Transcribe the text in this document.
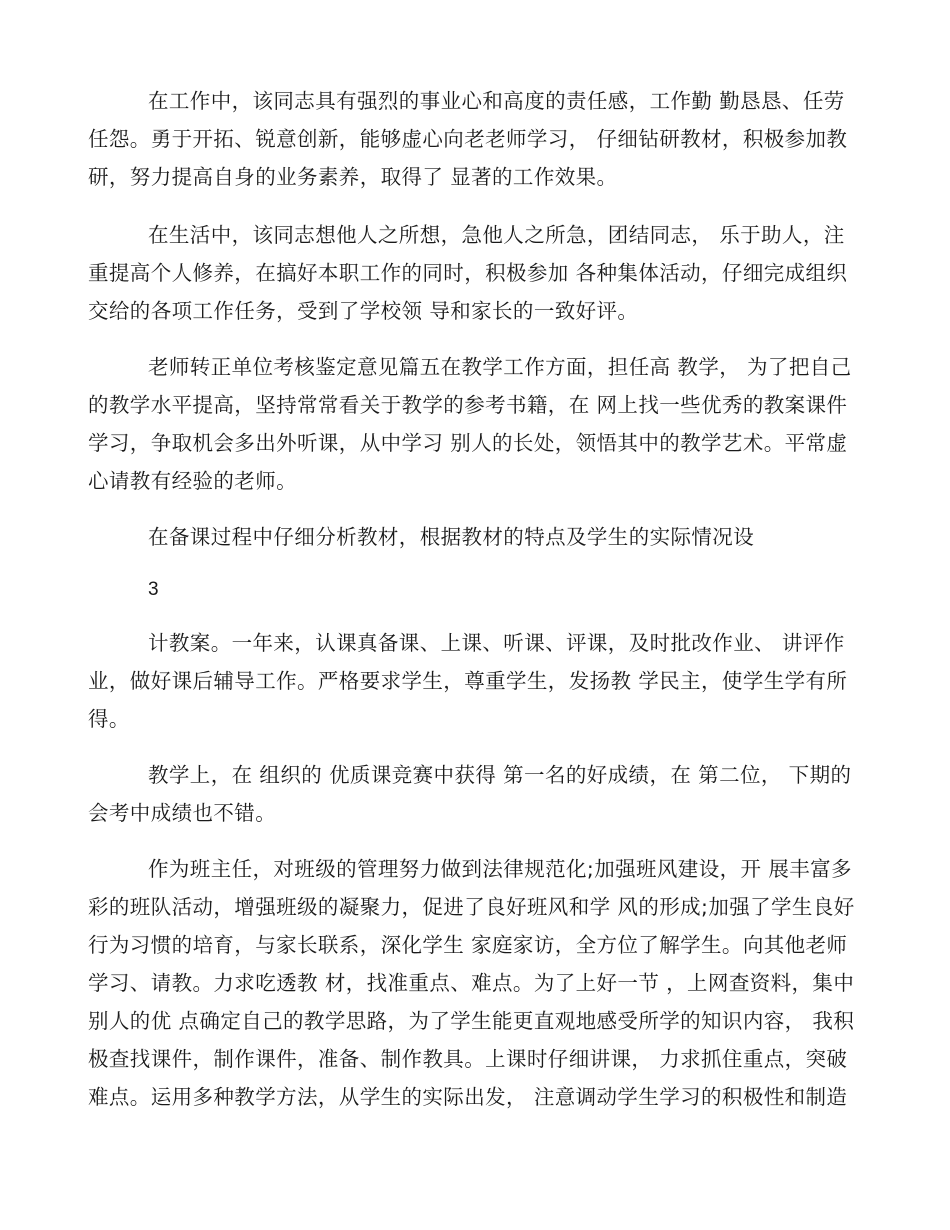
在工作中，该同志具有强烈的事业心和高度的责任感，工作勤 勤恳恳、任劳
任怨。勇于开拓、锐意创新，能够虚心向老老师学习， 仔细钻研教材，积极参加教
研，努力提高自身的业务素养，取得了 显著的工作效果。
在生活中，该同志想他人之所想，急他人之所急，团结同志， 乐于助人，注
重提高个人修养，在搞好本职工作的同时，积极参加 各种集体活动，仔细完成组织
交给的各项工作任务，受到了学校领 导和家长的一致好评。
老师转正单位考核鉴定意见篇五在教学工作方面，担任高 教学， 为了把自己
的教学水平提高，坚持常常看关于教学的参考书籍，在 网上找一些优秀的教案课件
学习，争取机会多出外听课，从中学习 别人的长处，领悟其中的教学艺术。平常虚
心请教有经验的老师。
在备课过程中仔细分析教材，根据教材的特点及学生的实际情况设
3
计教案。一年来，认课真备课、上课、听课、评课，及时批改作业、 讲评作
业，做好课后辅导工作。严格要求学生，尊重学生，发扬教 学民主，使学生学有所
得。
教学上，在 组织的 优质课竞赛中获得 第一名的好成绩，在 第二位， 下期的
会考中成绩也不错。
作为班主任，对班级的管理努力做到法律规范化;加强班风建设，开 展丰富多
彩的班队活动，增强班级的凝聚力，促进了良好班风和学 风的形成;加强了学生良好
行为习惯的培育，与家长联系，深化学生 家庭家访，全方位了解学生。向其他老师
学习、请教。力求吃透教 材，找准重点、难点。为了上好一节 ，上网查资料，集中
别人的优 点确定自己的教学思路，为了学生能更直观地感受所学的知识内容， 我积
极查找课件，制作课件，准备、制作教具。上课时仔细讲课， 力求抓住重点，突破
难点。运用多种教学方法，从学生的实际出发， 注意调动学生学习的积极性和制造
